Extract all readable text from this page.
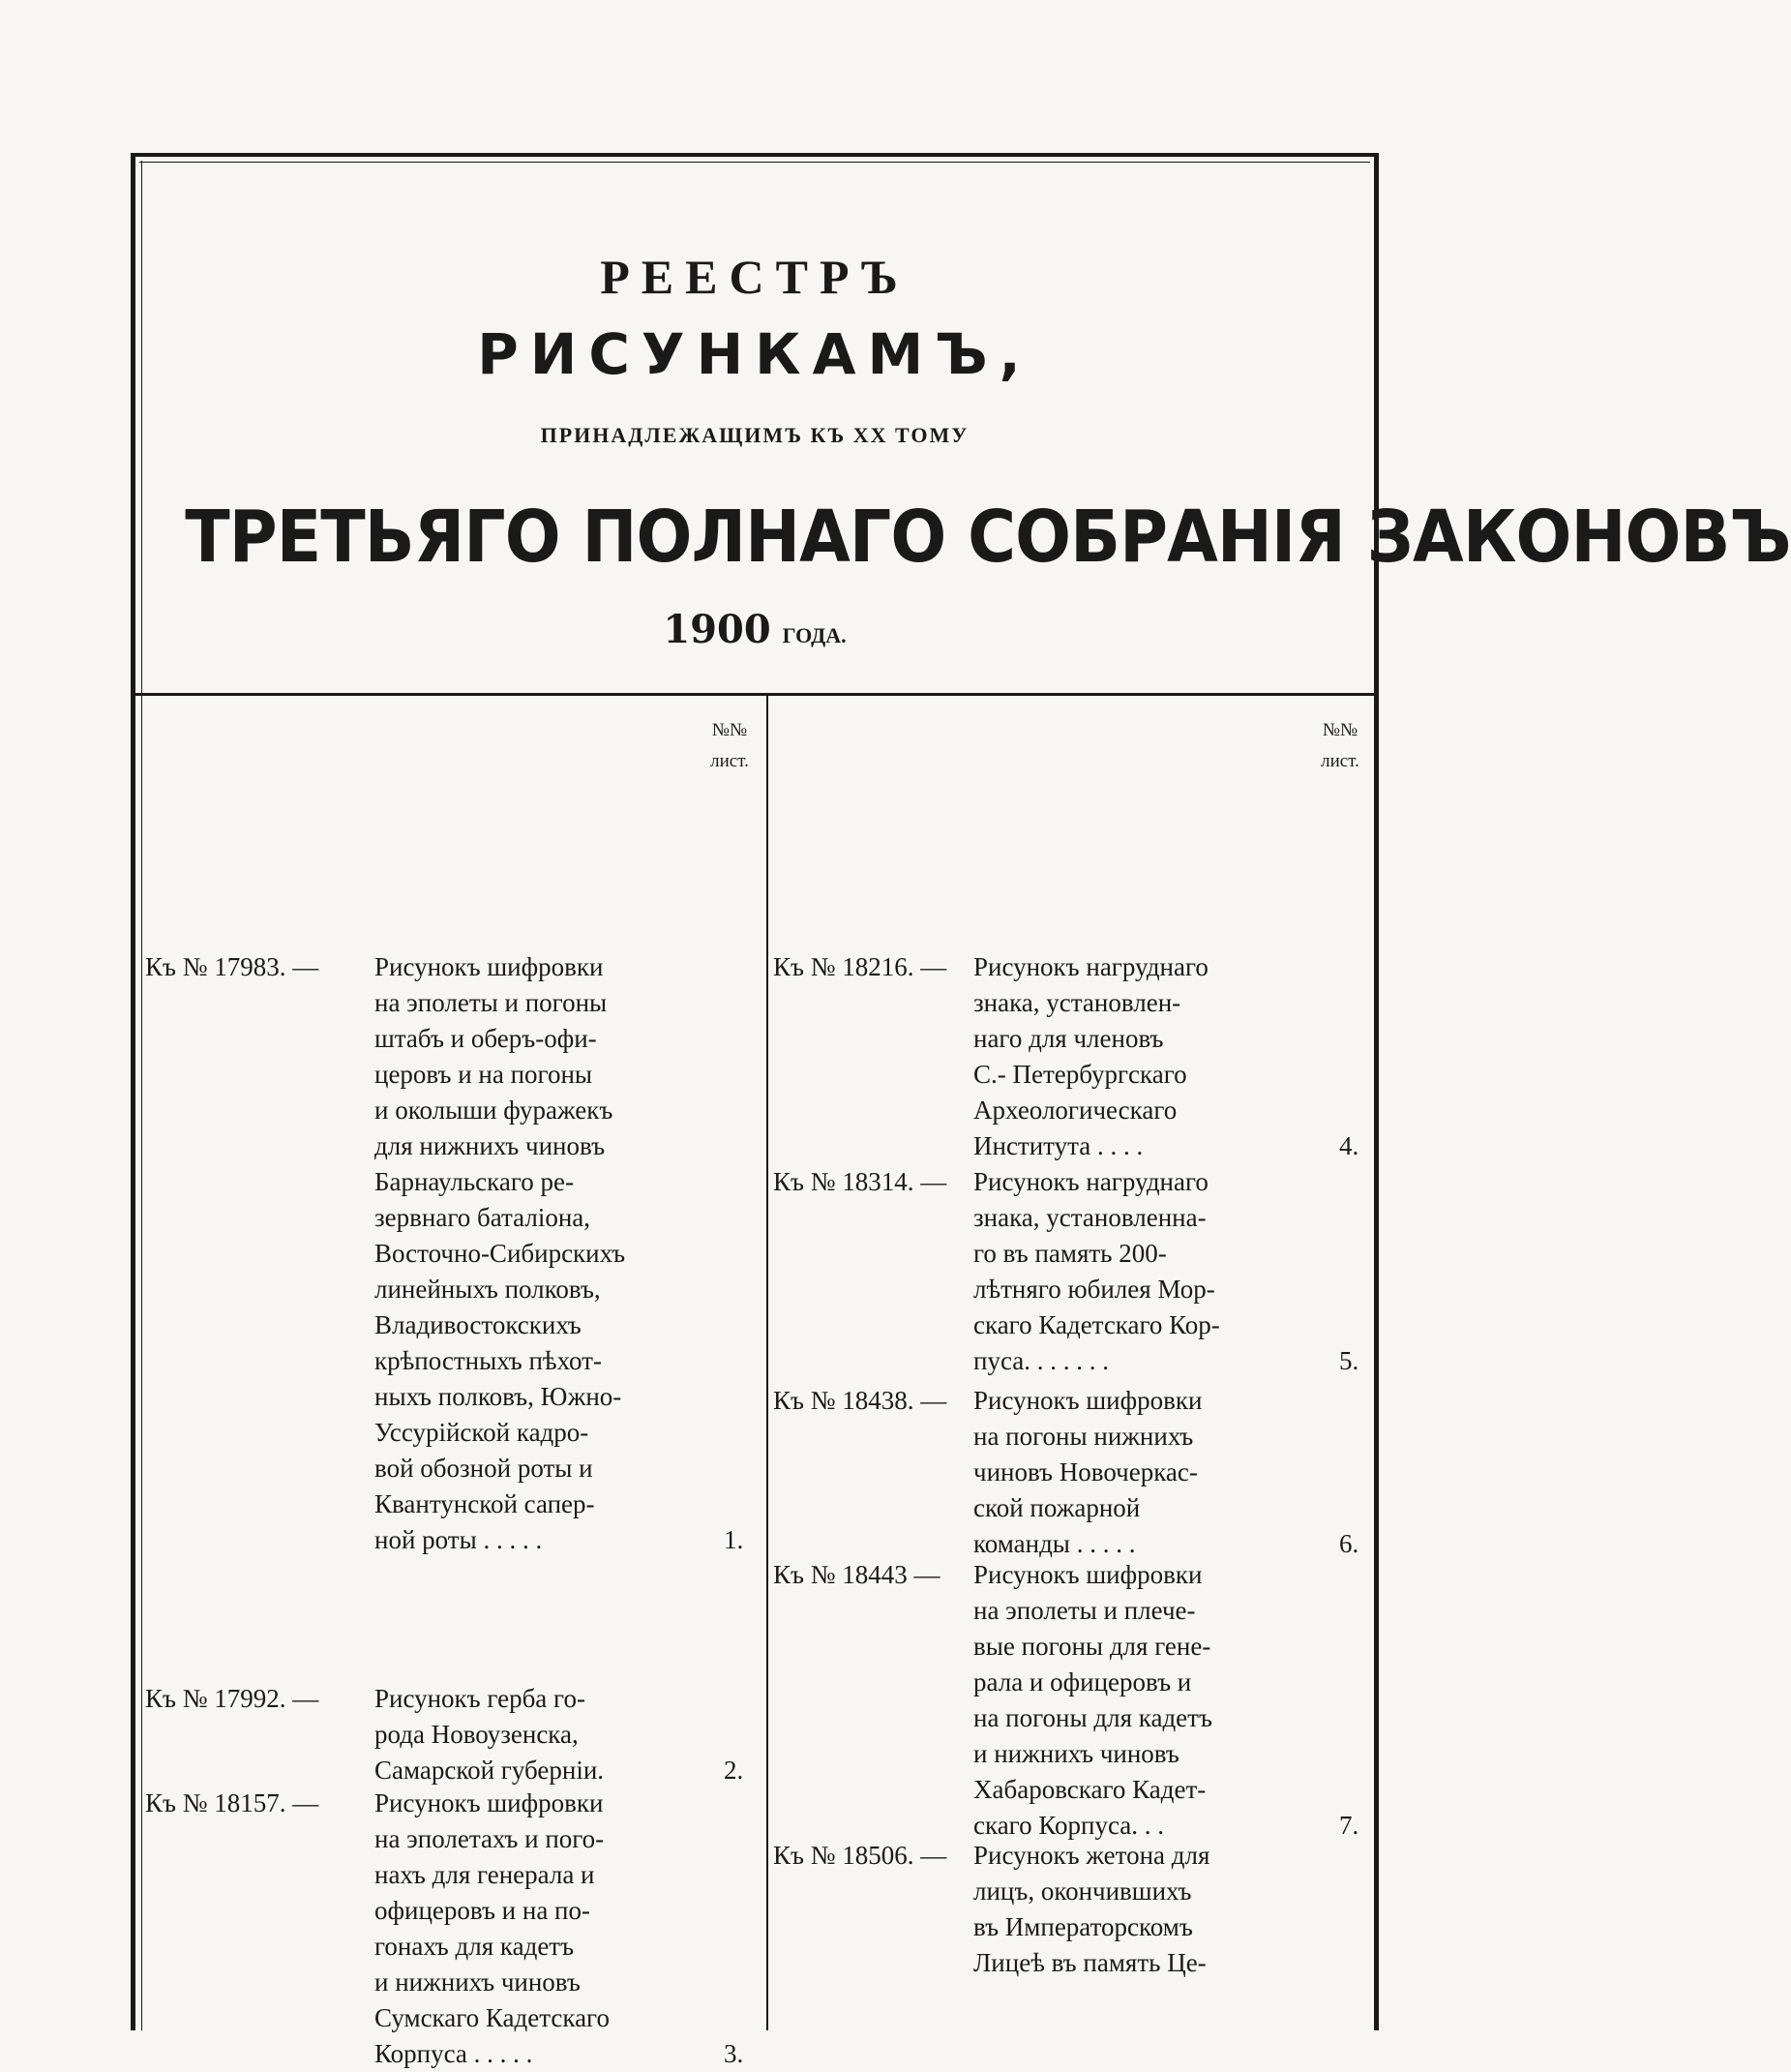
РЕЕСТРЪ
РИСУНКАМЪ,
ПРИНАДЛЕЖАЩИМЪ КЪ XX ТОМУ
ТРЕТЬЯГО ПОЛНАГО СОБРАНІЯ ЗАКОНОВЪ
1900 ГОДА.
№№
лист.
Къ № 17983. — Рисунокъ шифровки
на эполеты и погоны
штабъ и оберъ-офи-
церовъ и на погоны
и околыши фуражекъ
для нижнихъ чиновъ
Барнаульскаго ре-
зервнаго баталіона,
Восточно-Сибирскихъ
линейныхъ полковъ,
Владивостокскихъ
крѣпостныхъ пѣхот-
ныхъ полковъ, Южно-
Уссурійской кадро-
вой обозной роты и
Квантунской сапер-
ной роты . . . . .	1.
Къ № 17992. — Рисунокъ герба го-
рода Новоузенска,
Самарской губерніи.	2.
Къ № 18157. — Рисунокъ шифровки
на эполетахъ и пого-
нахъ для генерала и
офицеровъ и на по-
гонахъ для кадетъ
и нижнихъ чиновъ
Сумскаго Кадетскаго
Корпуса . . . . .	3.
№№
лист.
Къ № 18216. — Рисунокъ нагруднаго
знака, установлен-
наго для членовъ
С.- Петербургскаго
Археологическаго
Института . . . .	4.
Къ № 18314. — Рисунокъ нагруднаго
знака, установленна-
го въ память 200-
лѣтняго юбилея Мор-
скаго Кадетскаго Кор-
пуса. . . . . . .	5.
Къ № 18438. — Рисунокъ шифровки
на погоны нижнихъ
чиновъ Новочеркас-
ской пожарной
команды . . . . .	6.
Къ № 18443 — Рисунокъ шифровки
на эполеты и плече-
вые погоны для гене-
рала и офицеровъ и
на погоны для кадетъ
и нижнихъ чиновъ
Хабаровскаго Кадет-
скаго Корпуса. . .	7.
Къ № 18506. — Рисунокъ жетона для
лицъ, окончившихъ
въ Императорскомъ
Лицеѣ въ память Це-
